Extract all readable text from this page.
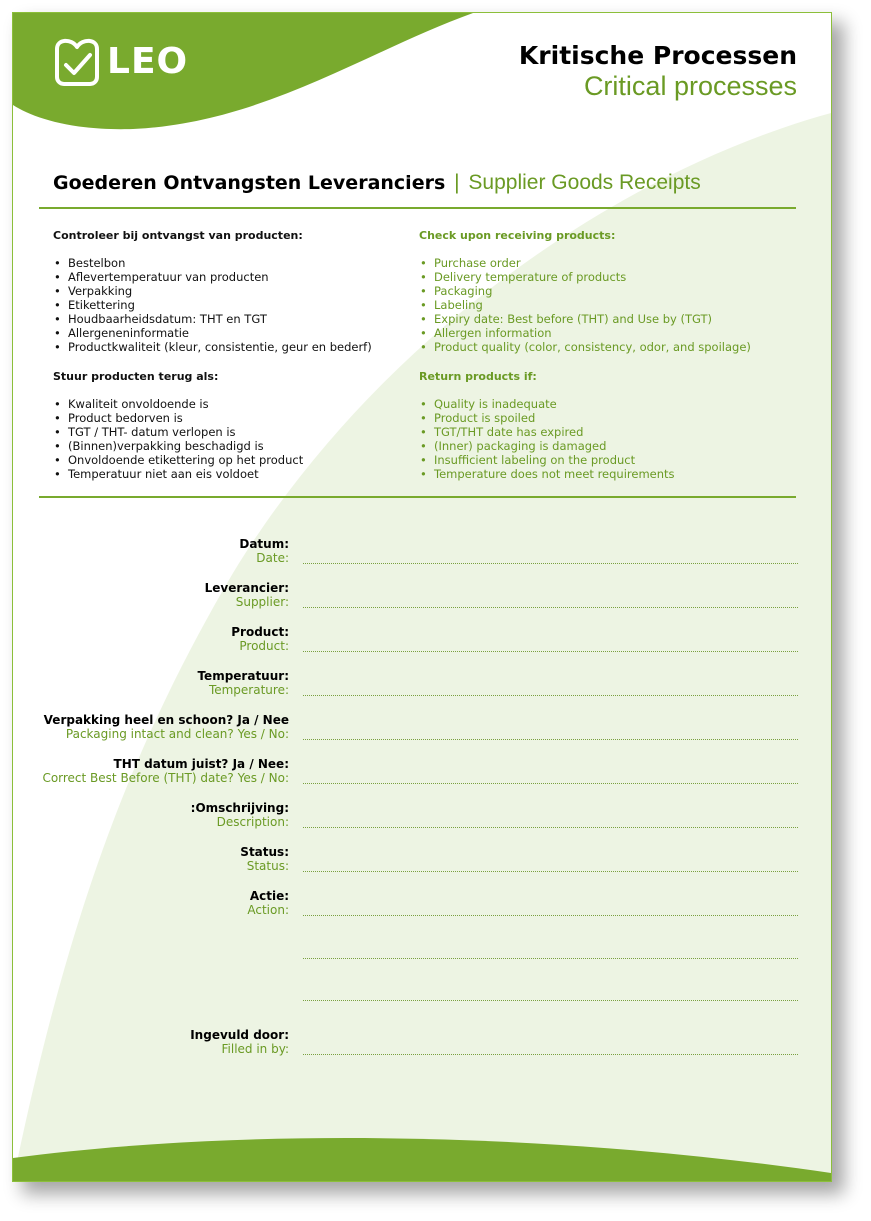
LEO	Kritische Processen
Critical processes
Goederen Ontvangsten Leveranciers | Supplier Goods Receipts
Controleer bij ontvangst van producten:
• Bestelbon
• Aflevertemperatuur van producten
• Verpakking
• Etikettering
• Houdbaarheidsdatum: THT en TGT
• Allergeneninformatie
• Productkwaliteit (kleur, consistentie, geur en bederf)
Stuur producten terug als:
• Kwaliteit onvoldoende is
• Product bedorven is
• TGT / THT- datum verlopen is
• (Binnen)verpakking beschadigd is
• Onvoldoende etikettering op het product
• Temperatuur niet aan eis voldoet
Check upon receiving products:
• Purchase order
• Delivery temperature of products
• Packaging
• Labeling
• Expiry date: Best before (THT) and Use by (TGT)
• Allergen information
• Product quality (color, consistency, odor, and spoilage)
Return products if:
• Quality is inadequate
• Product is spoiled
• TGT/THT date has expired
• (Inner) packaging is damaged
• Insufficient labeling on the product
• Temperature does not meet requirements
Datum:
Date:
Leverancier:
Supplier:
Product:
Product:
Temperatuur:
Temperature:
Verpakking heel en schoon? Ja / Nee
Packaging intact and clean? Yes / No:
THT datum juist? Ja / Nee:
Correct Best Before (THT) date? Yes / No:
:Omschrijving:
Description:
Status:
Status:
Actie:
Action:
Ingevuld door:
Filled in by:
